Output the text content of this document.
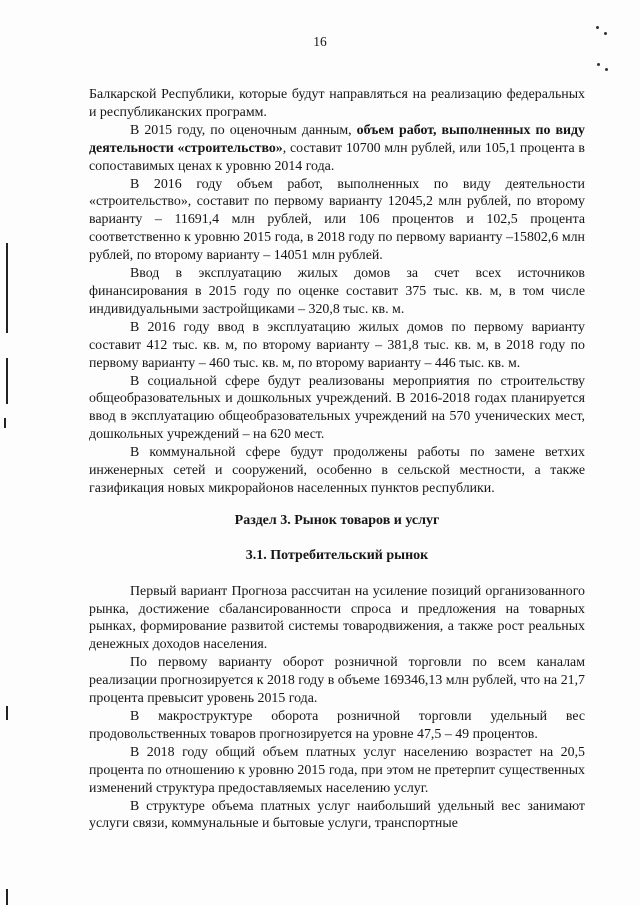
16

Балкарской Республики, которые будут направляться на реализацию федеральных и республиканских программ.

В 2015 году, по оценочным данным, объем работ, выполненных по виду деятельности «строительство», составит 10700 млн рублей, или 105,1 процента в сопоставимых ценах к уровню 2014 года.

В 2016 году объем работ, выполненных по виду деятельности «строительство», составит по первому варианту 12045,2 млн рублей, по второму варианту – 11691,4 млн рублей, или 106 процентов и 102,5 процента соответственно к уровню 2015 года, в 2018 году по первому варианту –15802,6 млн рублей, по второму варианту – 14051 млн рублей.

Ввод в эксплуатацию жилых домов за счет всех источников финансирования в 2015 году по оценке составит 375 тыс. кв. м, в том числе индивидуальными застройщиками – 320,8 тыс. кв. м.

В 2016 году ввод в эксплуатацию жилых домов по первому варианту составит 412 тыс. кв. м, по второму варианту – 381,8 тыс. кв. м, в 2018 году по первому варианту – 460 тыс. кв. м, по второму варианту – 446 тыс. кв. м.

В социальной сфере будут реализованы мероприятия по строительству общеобразовательных и дошкольных учреждений. В 2016-2018 годах планируется ввод в эксплуатацию общеобразовательных учреждений на 570 ученических мест, дошкольных учреждений – на 620 мест.

В коммунальной сфере будут продолжены работы по замене ветхих инженерных сетей и сооружений, особенно в сельской местности, а также газификация новых микрорайонов населенных пунктов республики.

Раздел 3. Рынок товаров и услуг

3.1. Потребительский рынок

Первый вариант Прогноза рассчитан на усиление позиций организованного рынка, достижение сбалансированности спроса и предложения на товарных рынках, формирование развитой системы товародвижения, а также рост реальных денежных доходов населения.

По первому варианту оборот розничной торговли по всем каналам реализации прогнозируется к 2018 году в объеме 169346,13 млн рублей, что на 21,7 процента превысит уровень 2015 года.

В макроструктуре оборота розничной торговли удельный вес продовольственных товаров прогнозируется на уровне 47,5 – 49 процентов.

В 2018 году общий объем платных услуг населению возрастет на 20,5 процента по отношению к уровню 2015 года, при этом не претерпит существенных изменений структура предоставляемых населению услуг.

В структуре объема платных услуг наибольший удельный вес занимают услуги связи, коммунальные и бытовые услуги, транспортные
